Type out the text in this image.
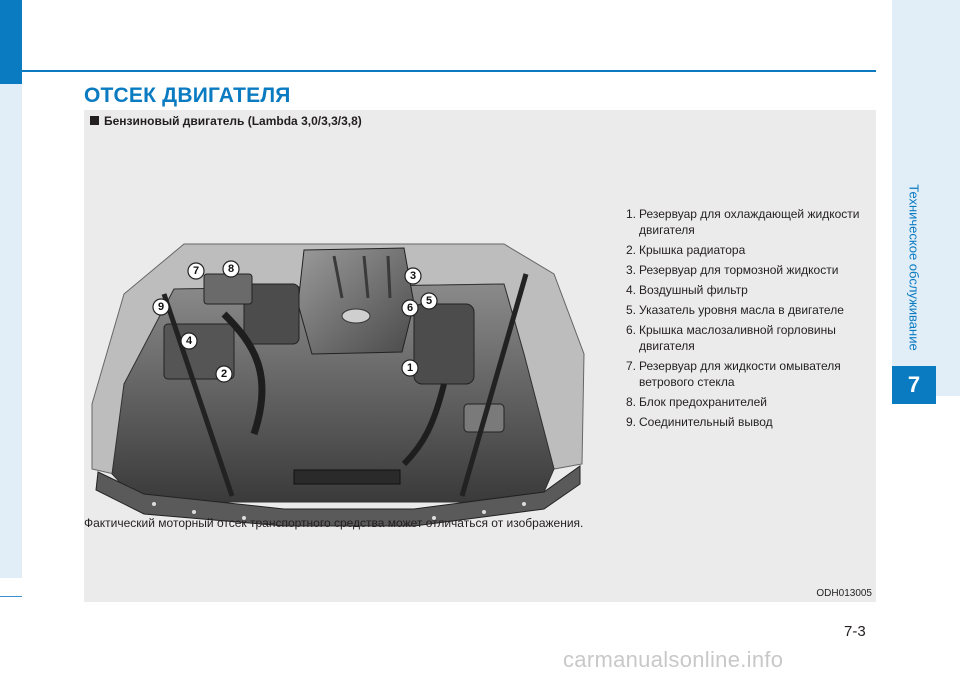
ОТСЕК ДВИГАТЕЛЯ
Бензиновый двигатель (Lambda 3,0/3,3/3,8)
7	8
3
9	6
5
4
2	1
1. Резервуар для охлаждающей жидкости двигателя
2. Крышка радиатора
3. Резервуар для тормозной жидкости
4. Воздушный фильтр
5. Указатель уровня масла в двигателе
6. Крышка маслозаливной горловины двигателя
7. Резервуар для жидкости омывателя ветрового стекла
8. Блок предохранителей
9. Соединительный вывод
Фактический моторный отсек транспортного средства может отличаться от изображения.
ODH013005
Техническое обслуживание
7
7-3
carmanualsonline.info
